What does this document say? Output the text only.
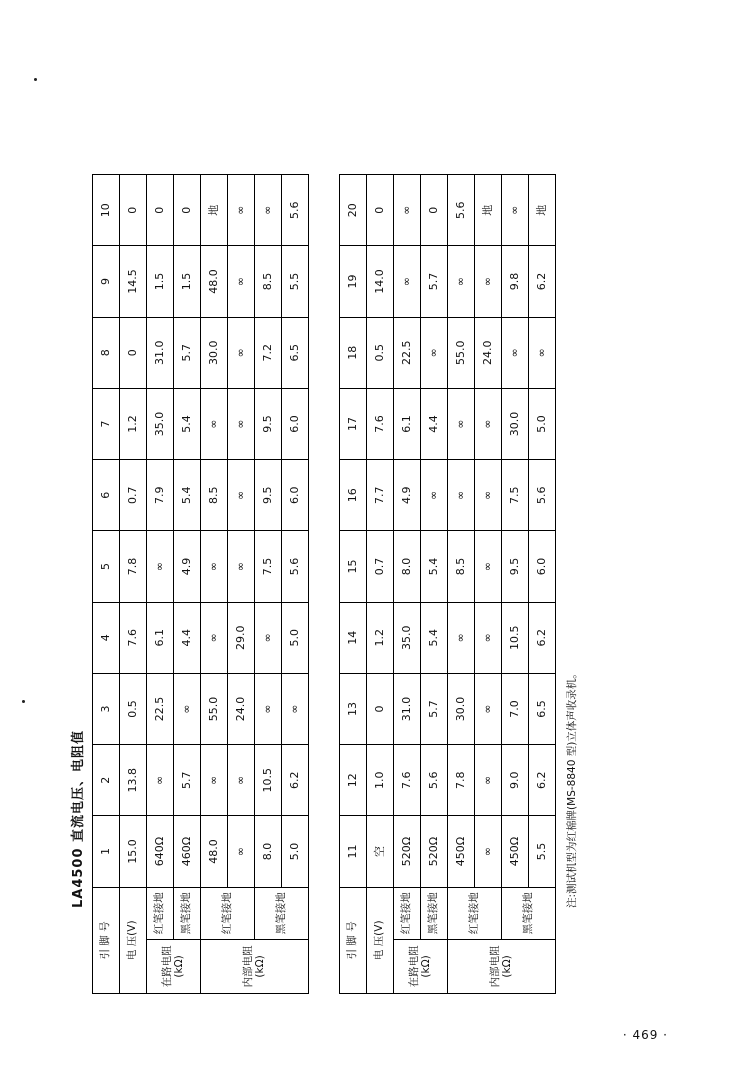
LA4500 直流电压、电阻值
引 脚 号		1	2	3	4	5	6	7	8	9	10
电 压(V)		15.0	13.8	0.5	7.6	7.8	0.7	1.2	0	14.5	0
在路电阻(kΩ)	红笔接地	640Ω	∞	22.5	6.1	∞	7.9	35.0	31.0	1.5	0
	黑笔接地	460Ω	5.7	∞	4.4	4.9	5.4	5.4	5.7	1.5	0
内部电阻(kΩ)	红笔接地	48.0	∞	55.0	∞	∞	8.5	∞	30.0	48.0	地
		∞	∞	24.0	29.0	∞	∞	∞	∞	∞	∞
	黑笔接地	8.0	10.5	∞	∞	7.5	9.5	9.5	7.2	8.5	∞
		5.0	6.2	∞	5.0	5.6	6.0	6.0	6.5	5.5	5.6
引 脚 号		11	12	13	14	15	16	17	18	19	20
电 压(V)		空	1.0	0	1.2	0.7	7.7	7.6	0.5	14.0	0
在路电阻(kΩ)	红笔接地	520Ω	7.6	31.0	35.0	8.0	4.9	6.1	22.5	∞	∞
	黑笔接地	520Ω	5.6	5.7	5.4	5.4	∞	4.4	∞	5.7	0
内部电阻(kΩ)	红笔接地	450Ω	7.8	30.0	∞	8.5	∞	∞	55.0	∞	5.6
		∞	∞	∞	∞	∞	∞	∞	24.0	∞	地
	黑笔接地	450Ω	9.0	7.0	10.5	9.5	7.5	30.0	∞	9.8	∞
		5.5	6.2	6.5	6.2	6.0	5.6	5.0	∞	6.2	地
注:测试机型为红棉牌(MS-8840 型)立体声收录机。
· 469 ·
